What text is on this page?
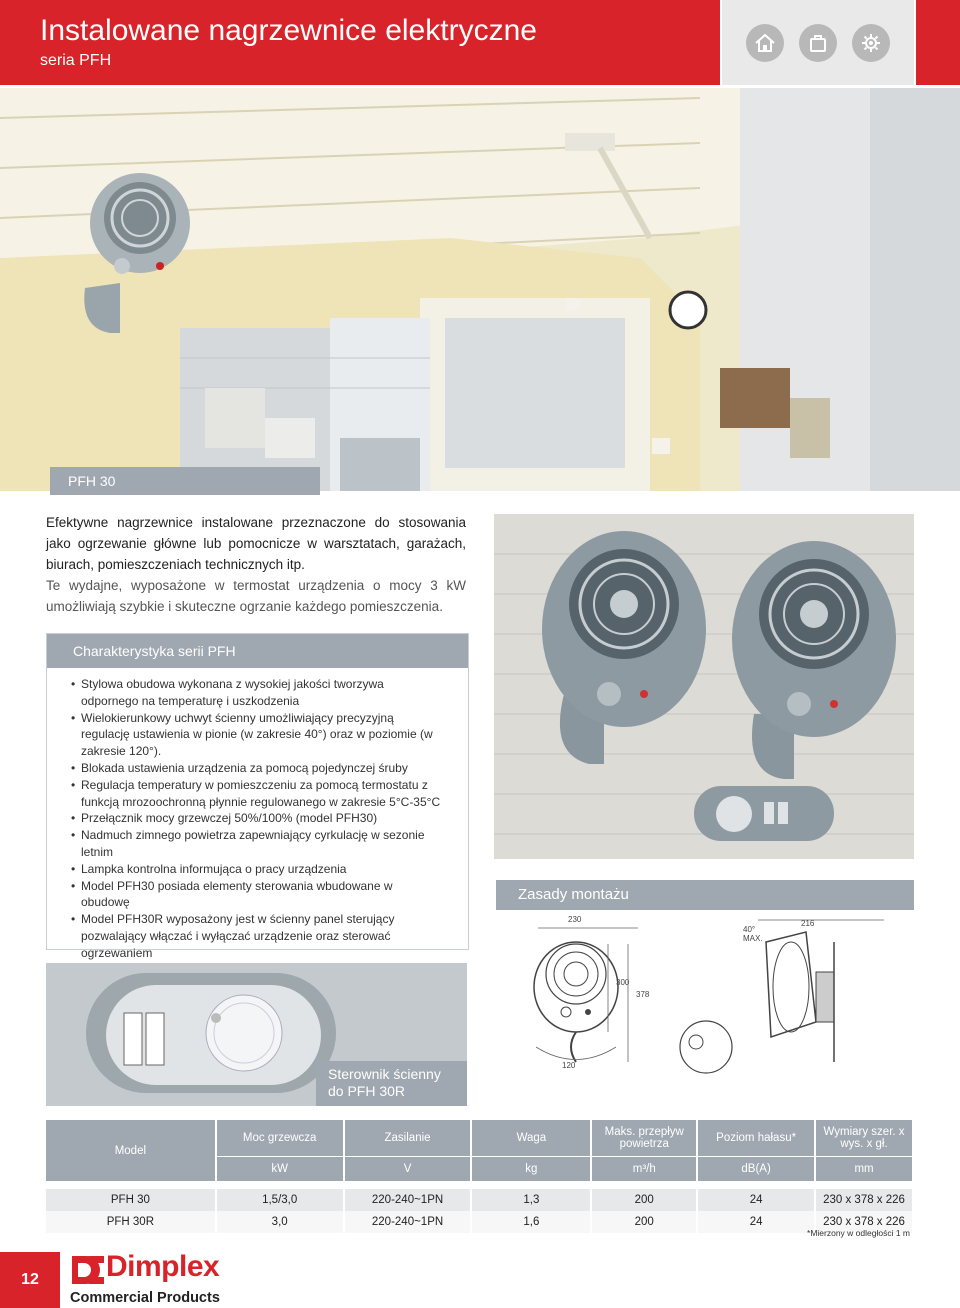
Instalowane nagrzewnice elektryczne
seria PFH
PFH 30

Efektywne nagrzewnice instalowane przeznaczone do stosowania jako ogrzewanie główne lub pomocnicze w warsztatach, garażach, biurach, pomieszczeniach technicznych itp.

Te wydajne, wyposażone w termostat urządzenia o mocy 3 kW umożliwiają szybkie i skuteczne ogrzanie każdego pomieszczenia.

Charakterystyka serii PFH
• Stylowa obudowa wykonana z wysokiej jakości tworzywa odpornego na temperaturę i uszkodzenia
• Wielokierunkowy uchwyt ścienny umożliwiający precyzyjną regulację ustawienia w pionie (w zakresie 40°) oraz w poziomie (w zakresie 120°).
• Blokada ustawienia urządzenia za pomocą pojedynczej śruby
• Regulacja temperatury w pomieszczeniu za pomocą termostatu z funkcją mrozoochronną płynnie regulowanego w zakresie 5°C-35°C
• Przełącznik mocy grzewczej 50%/100% (model PFH30)
• Nadmuch zimnego powietrza zapewniający cyrkulację w sezonie letnim
• Lampka kontrolna informująca o pracy urządzenia
• Model PFH30 posiada elementy sterowania wbudowane w obudowę
• Model PFH30R wyposażony jest w ścienny panel sterujący pozwalający włączać i wyłączać urządzenie oraz sterować ogrzewaniem
Zasady montażu
230
300
378
120
40°
MAX.
216
Sterownik ścienny
do PFH 30R
Model	Moc grzewcza	Zasilanie	Waga	Maks. przepływ powietrza	Poziom hałasu*	Wymiary szer. x wys. x gł.
	kW	V	kg	m³/h	dB(A)	mm

PFH 30	1,5/3,0	220-240~1PN	1,3	200	24	230 x 378 x 226
PFH 30R	3,0	220-240~1PN	1,6	200	24	230 x 378 x 226
*Mierzony w odległości 1 m
12	Dimplex
Commercial Products
